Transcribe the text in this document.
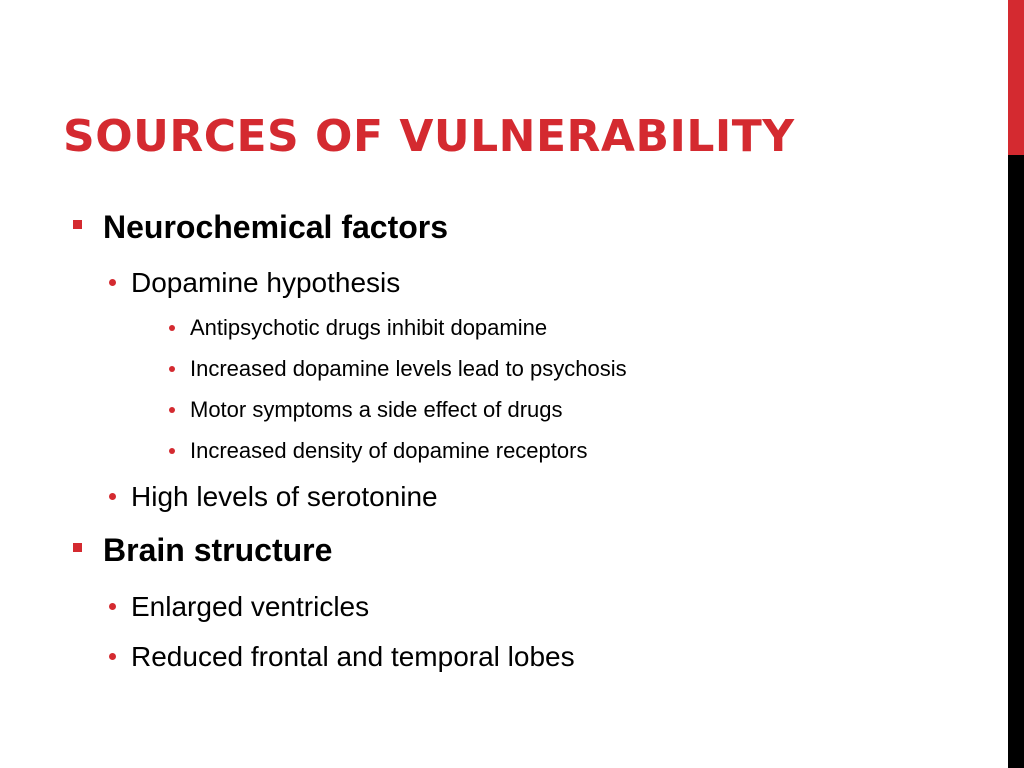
SOURCES OF VULNERABILITY
Neurochemical factors
Dopamine hypothesis
Antipsychotic drugs inhibit dopamine
Increased dopamine levels lead to psychosis
Motor symptoms a side effect of drugs
Increased density of dopamine receptors
High levels of serotonine
Brain structure
Enlarged ventricles
Reduced frontal and temporal lobes
